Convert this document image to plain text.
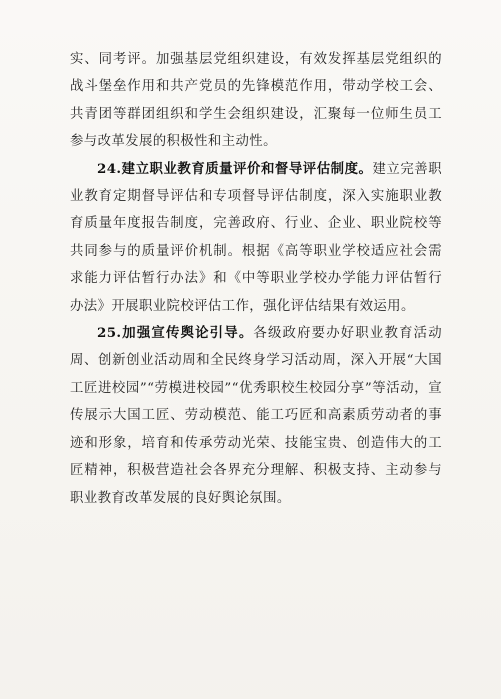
实、同考评。加强基层党组织建设，有效发挥基层党组织的战斗堡垒作用和共产党员的先锋模范作用，带动学校工会、共青团等群团组织和学生会组织建设，汇聚每一位师生员工参与改革发展的积极性和主动性。

24.建立职业教育质量评价和督导评估制度。建立完善职业教育定期督导评估和专项督导评估制度，深入实施职业教育质量年度报告制度，完善政府、行业、企业、职业院校等共同参与的质量评价机制。根据《高等职业学校适应社会需求能力评估暂行办法》和《中等职业学校办学能力评估暂行办法》开展职业院校评估工作，强化评估结果有效运用。

25.加强宣传舆论引导。各级政府要办好职业教育活动周、创新创业活动周和全民终身学习活动周，深入开展“大国工匠进校园”“劳模进校园”“优秀职校生校园分享”等活动，宣传展示大国工匠、劳动模范、能工巧匠和高素质劳动者的事迹和形象，培育和传承劳动光荣、技能宝贵、创造伟大的工匠精神，积极营造社会各界充分理解、积极支持、主动参与职业教育改革发展的良好舆论氛围。
